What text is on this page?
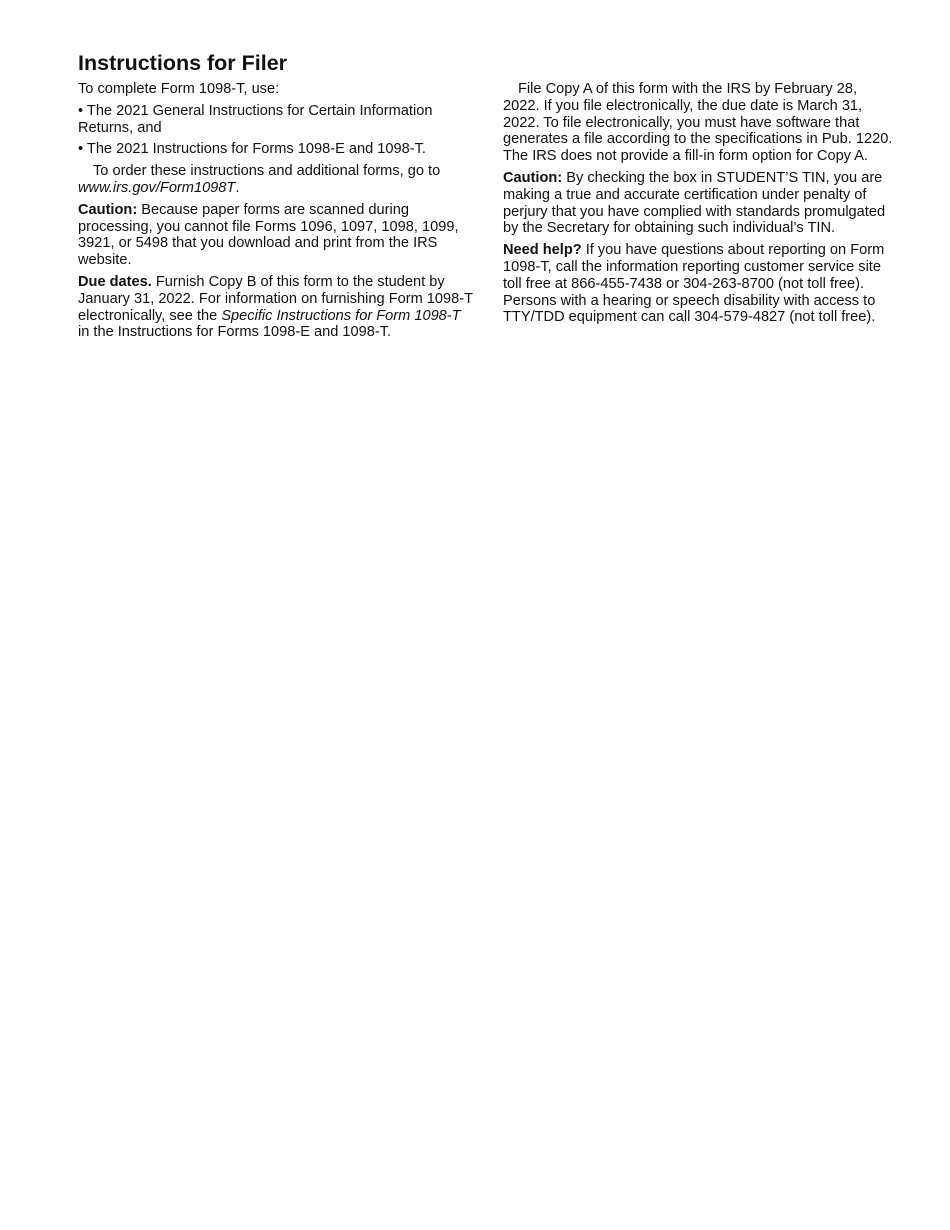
Instructions for Filer

To complete Form 1098-T, use:

• The 2021 General Instructions for Certain Information Returns, and

• The 2021 Instructions for Forms 1098-E and 1098-T.

To order these instructions and additional forms, go to www.irs.gov/Form1098T.

Caution: Because paper forms are scanned during processing, you cannot file Forms 1096, 1097, 1098, 1099, 3921, or 5498 that you download and print from the IRS website.

Due dates. Furnish Copy B of this form to the student by January 31, 2022. For information on furnishing Form 1098-T electronically, see the Specific Instructions for Form 1098-T in the Instructions for Forms 1098-E and 1098-T.

File Copy A of this form with the IRS by February 28, 2022. If you file electronically, the due date is March 31, 2022. To file electronically, you must have software that generates a file according to the specifications in Pub. 1220. The IRS does not provide a fill-in form option for Copy A.

Caution: By checking the box in STUDENT’S TIN, you are making a true and accurate certification under penalty of perjury that you have complied with standards promulgated by the Secretary for obtaining such individual’s TIN.

Need help? If you have questions about reporting on Form 1098-T, call the information reporting customer service site toll free at 866-455-7438 or 304-263-8700 (not toll free). Persons with a hearing or speech disability with access to TTY/TDD equipment can call 304-579-4827 (not toll free).
